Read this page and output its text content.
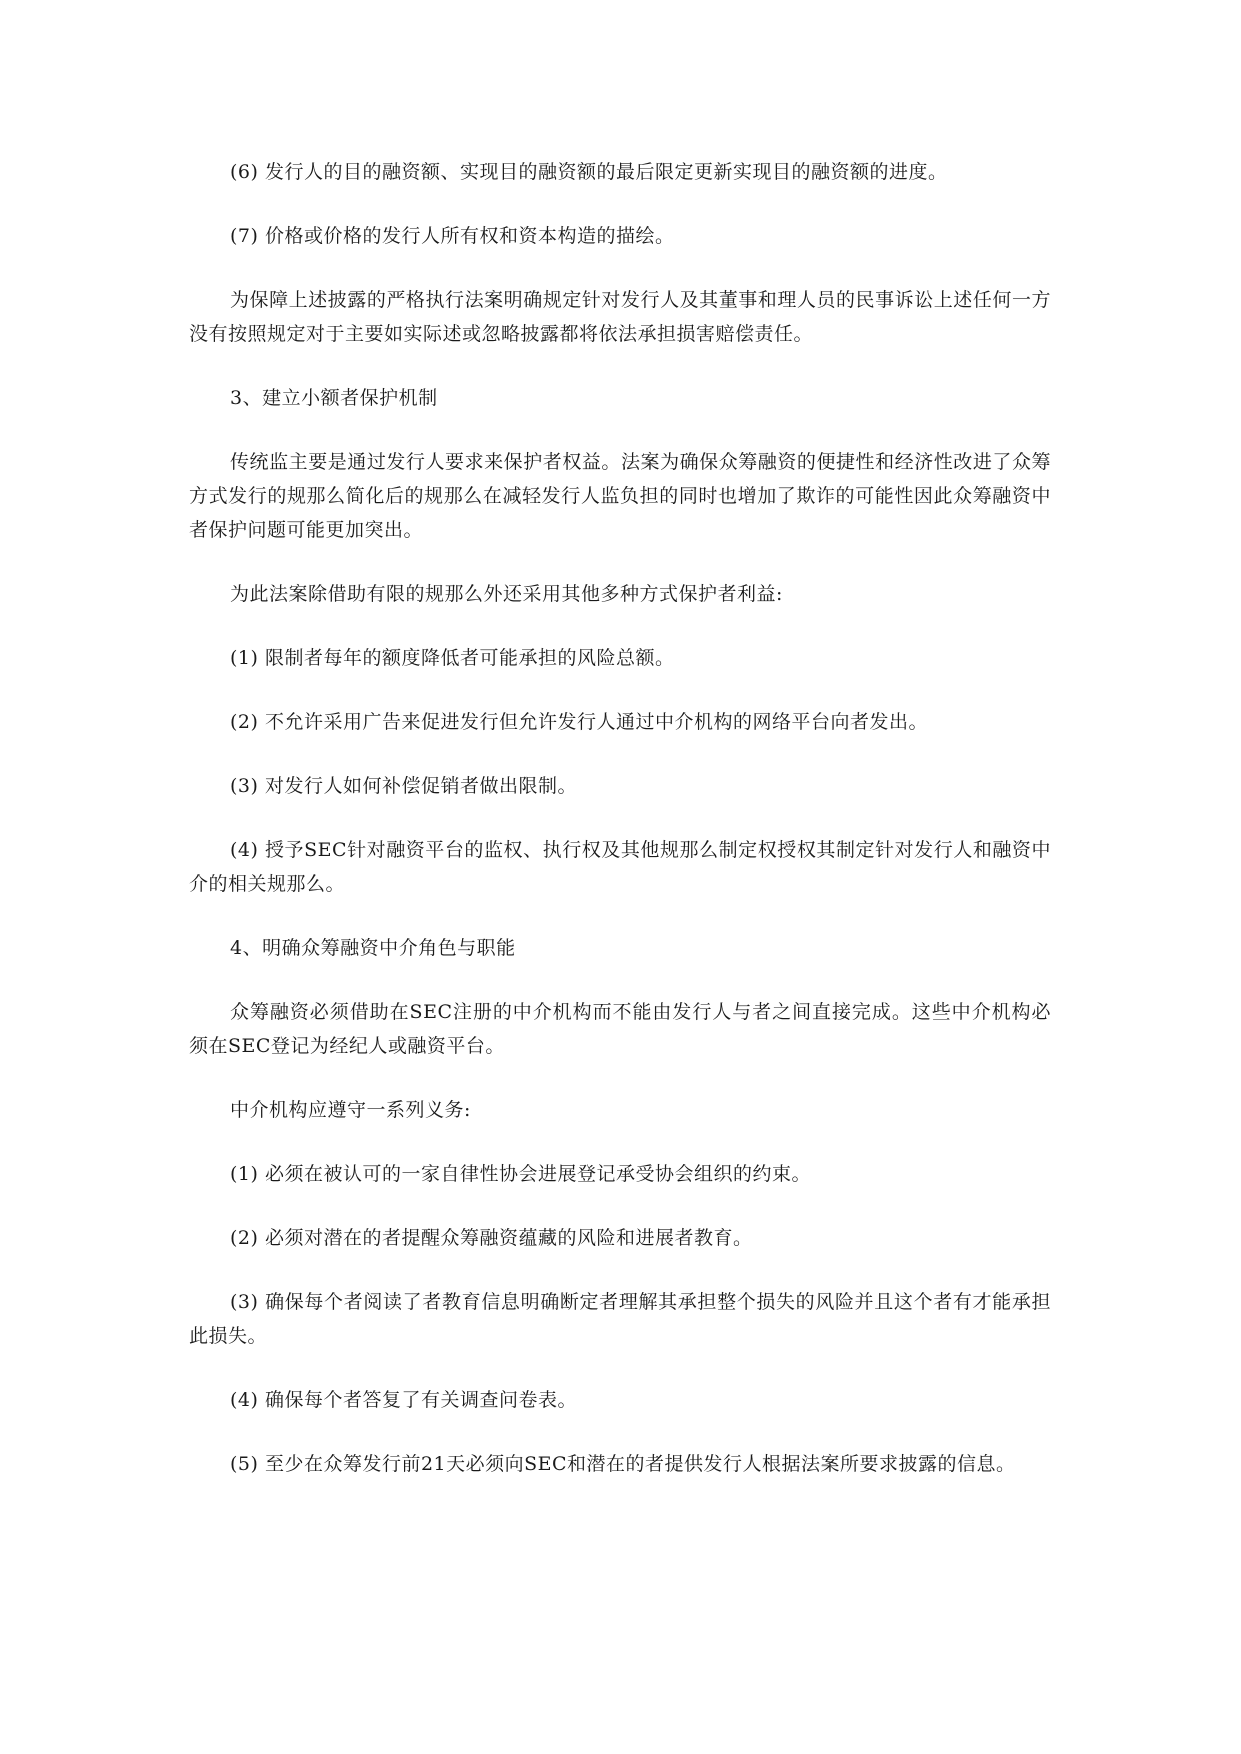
(6) 发行人的目的融资额、实现目的融资额的最后限定更新实现目的融资额的进度。

(7) 价格或价格的发行人所有权和资本构造的描绘。

为保障上述披露的严格执行法案明确规定针对发行人及其董事和理人员的民事诉讼上述任何一方没有按照规定对于主要如实际述或忽略披露都将依法承担损害赔偿责任。

3、建立小额者保护机制

传统监主要是通过发行人要求来保护者权益。法案为确保众筹融资的便捷性和经济性改进了众筹方式发行的规那么简化后的规那么在减轻发行人监负担的同时也增加了欺诈的可能性因此众筹融资中者保护问题可能更加突出。

为此法案除借助有限的规那么外还采用其他多种方式保护者利益:

(1) 限制者每年的额度降低者可能承担的风险总额。

(2) 不允许采用广告来促进发行但允许发行人通过中介机构的网络平台向者发出。

(3) 对发行人如何补偿促销者做出限制。

(4) 授予SEC针对融资平台的监权、执行权及其他规那么制定权授权其制定针对发行人和融资中介的相关规那么。

4、明确众筹融资中介角色与职能

众筹融资必须借助在SEC注册的中介机构而不能由发行人与者之间直接完成。这些中介机构必须在SEC登记为经纪人或融资平台。

中介机构应遵守一系列义务:

(1) 必须在被认可的一家自律性协会进展登记承受协会组织的约束。

(2) 必须对潜在的者提醒众筹融资蕴藏的风险和进展者教育。

(3) 确保每个者阅读了者教育信息明确断定者理解其承担整个损失的风险并且这个者有才能承担此损失。

(4) 确保每个者答复了有关调查问卷表。

(5) 至少在众筹发行前21天必须向SEC和潜在的者提供发行人根据法案所要求披露的信息。
